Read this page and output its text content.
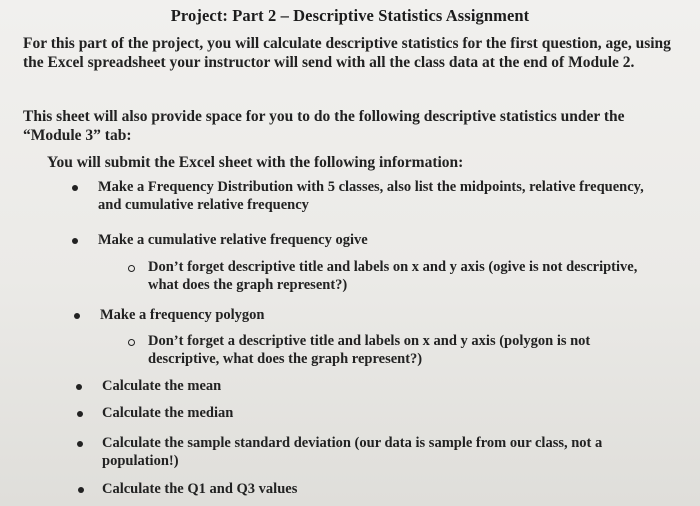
Project: Part 2 – Descriptive Statistics Assignment
For this part of the project, you will calculate descriptive statistics for the first question, age, using the Excel spreadsheet your instructor will send with all the class data at the end of Module 2.
This sheet will also provide space for you to do the following descriptive statistics under the “Module 3” tab:
You will submit the Excel sheet with the following information:
Make a Frequency Distribution with 5 classes, also list the midpoints, relative frequency, and cumulative relative frequency
Make a cumulative relative frequency ogive
Don’t forget descriptive title and labels on x and y axis (ogive is not descriptive, what does the graph represent?)
Make a frequency polygon
Don’t forget a descriptive title and labels on x and y axis (polygon is not descriptive, what does the graph represent?)
Calculate the mean
Calculate the median
Calculate the sample standard deviation (our data is sample from our class, not a population!)
Calculate the Q1 and Q3 values
